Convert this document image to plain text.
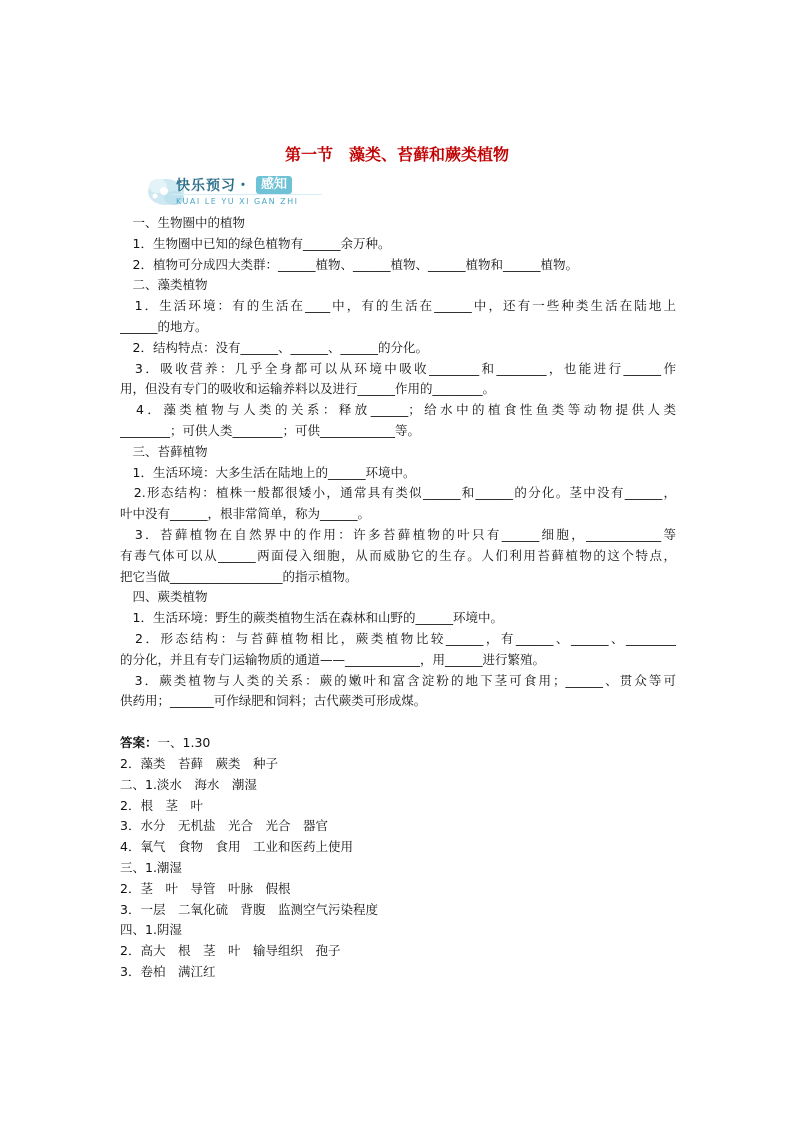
第一节　藻类、苔藓和蕨类植物
快乐预习・ 感知
KUAI LE YU XI GAN ZHI
　一、生物圈中的植物
　1．生物圈中已知的绿色植物有______余万种。
　2．植物可分成四大类群：______植物、______植物、______植物和______植物。
　二、藻类植物
　1．生活环境：有的生活在____中，有的生活在______中，还有一些种类生活在陆地上
______的地方。
　2．结构特点：没有______、______、______的分化。
　3．吸收营养：几乎全身都可以从环境中吸收________和________，也能进行______作
用，但没有专门的吸收和运输养料以及进行______作用的________。
　4．藻类植物与人类的关系：释放______；给水中的植食性鱼类等动物提供人类
________；可供人类________；可供____________等。
　三、苔藓植物
　1．生活环境：大多生活在陆地上的______环境中。
　2.形态结构：植株一般都很矮小，通常具有类似______和______的分化。茎中没有______，
叶中没有______，根非常简单，称为______。
　3．苔藓植物在自然界中的作用：许多苔藓植物的叶只有______细胞，____________等
有毒气体可以从______两面侵入细胞，从而威胁它的生存。人们利用苔藓植物的这个特点，
把它当做__________________的指示植物。
　四、蕨类植物
　1．生活环境：野生的蕨类植物生活在森林和山野的______环境中。
　2．形态结构：与苔藓植物相比，蕨类植物比较______，有______、______、________
的分化，并且有专门运输物质的通道——____________，用______进行繁殖。
　3．蕨类植物与人类的关系：蕨的嫩叶和富含淀粉的地下茎可食用；______、贯众等可
供药用；_______可作绿肥和饲料；古代蕨类可形成煤。
答案：一、1.30
2．藻类　苔藓　蕨类　种子
二、1.淡水　海水　潮湿
2．根　茎　叶
3．水分　无机盐　光合　光合　器官
4．氧气　食物　食用　工业和医药上使用
三、1.潮湿
2．茎　叶　导管　叶脉　假根
3．一层　二氧化硫　背腹　监测空气污染程度
四、1.阴湿
2．高大　根　茎　叶　输导组织　孢子
3．卷柏　满江红
